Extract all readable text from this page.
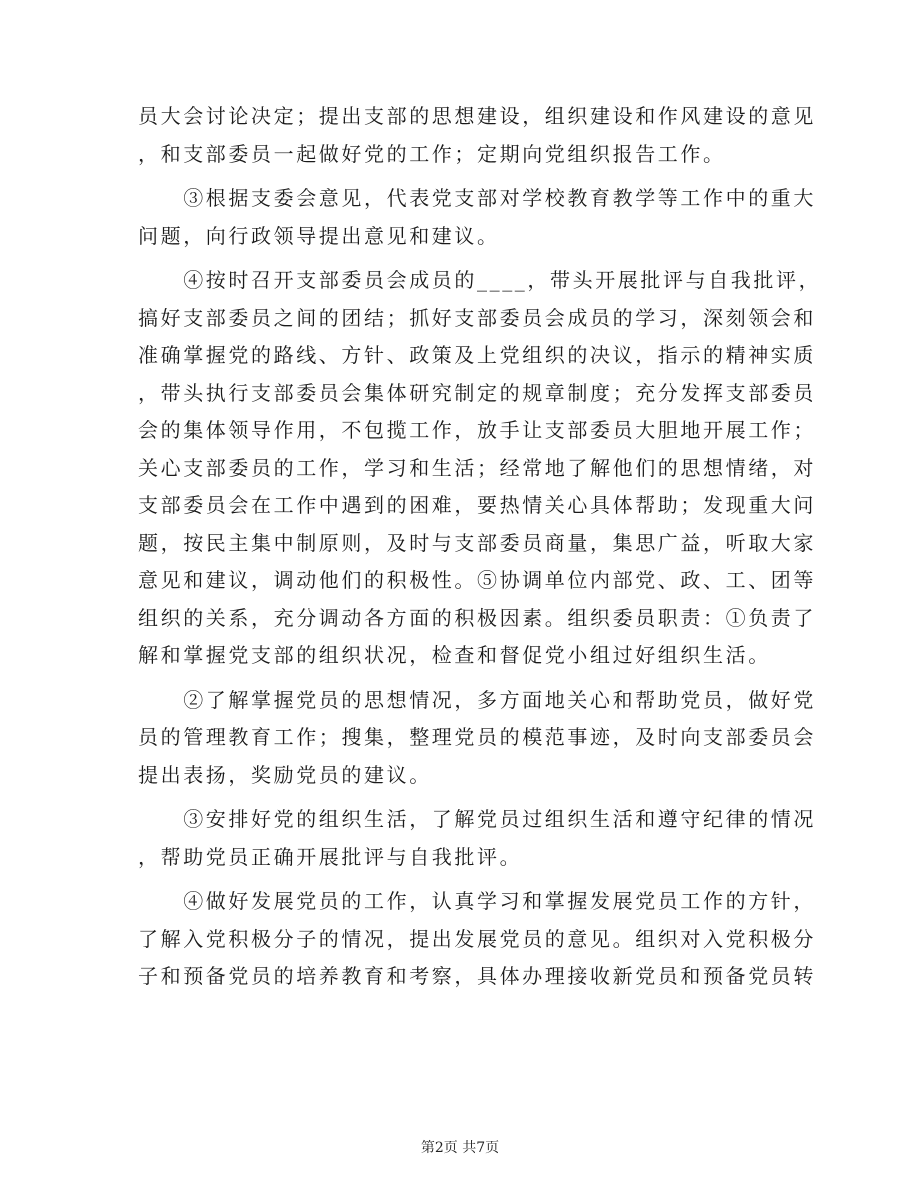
员大会讨论决定；提出支部的思想建设，组织建设和作风建设的意见
，和支部委员一起做好党的工作；定期向党组织报告工作。
　　③根据支委会意见，代表党支部对学校教育教学等工作中的重大
问题，向行政领导提出意见和建议。
　　④按时召开支部委员会成员的____，带头开展批评与自我批评，
搞好支部委员之间的团结；抓好支部委员会成员的学习，深刻领会和
准确掌握党的路线、方针、政策及上党组织的决议，指示的精神实质
，带头执行支部委员会集体研究制定的规章制度；充分发挥支部委员
会的集体领导作用，不包揽工作，放手让支部委员大胆地开展工作；
关心支部委员的工作，学习和生活；经常地了解他们的思想情绪，对
支部委员会在工作中遇到的困难，要热情关心具体帮助；发现重大问
题，按民主集中制原则，及时与支部委员商量，集思广益，听取大家
意见和建议，调动他们的积极性。⑤协调单位内部党、政、工、团等
组织的关系，充分调动各方面的积极因素。组织委员职责：①负责了
解和掌握党支部的组织状况，检查和督促党小组过好组织生活。
　　②了解掌握党员的思想情况，多方面地关心和帮助党员，做好党
员的管理教育工作；搜集，整理党员的模范事迹，及时向支部委员会
提出表扬，奖励党员的建议。
　　③安排好党的组织生活，了解党员过组织生活和遵守纪律的情况
，帮助党员正确开展批评与自我批评。
　　④做好发展党员的工作，认真学习和掌握发展党员工作的方针，
了解入党积极分子的情况，提出发展党员的意见。组织对入党积极分
子和预备党员的培养教育和考察，具体办理接收新党员和预备党员转
第2页 共7页
